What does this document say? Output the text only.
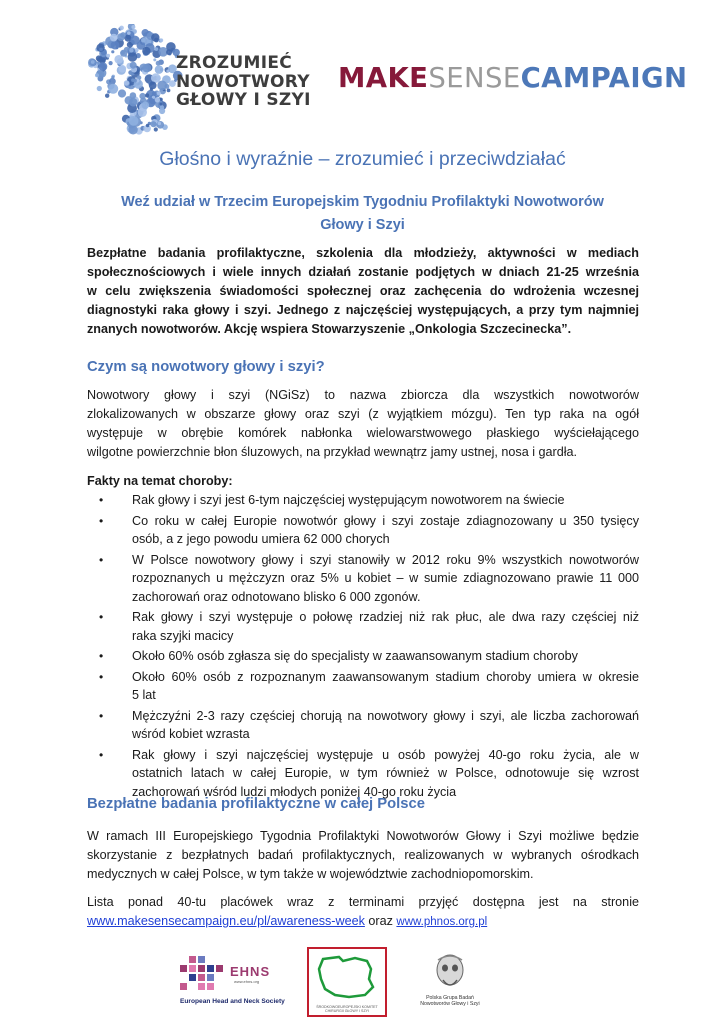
ZROZUMIEĆ
NOWOTWORY
GŁOWY I SZYI
MAKESENSECAMPAIGN
Głośno i wyraźnie – zrozumieć i przeciwdziałać
Weź udział w Trzecim Europejskim Tygodniu Profilaktyki Nowotworów
Głowy i Szyi
Bezpłatne badania profilaktyczne, szkolenia dla młodzieży, aktywności w mediach
społecznościowych i wiele innych działań zostanie podjętych w dniach 21-25 września
w celu zwiększenia świadomości społecznej oraz zachęcenia do wdrożenia wczesnej
diagnostyki raka głowy i szyi. Jednego z najczęściej występujących, a przy tym najmniej
znanych nowotworów. Akcję wspiera Stowarzyszenie „Onkologia Szczecinecka”.
Czym są nowotwory głowy i szyi?
Nowotwory głowy i szyi (NGiSz) to nazwa zbiorcza dla wszystkich nowotworów
zlokalizowanych w obszarze głowy oraz szyi (z wyjątkiem mózgu). Ten typ raka na ogół
występuje w obrębie komórek nabłonka wielowarstwowego płaskiego wyściełającego
wilgotne powierzchnie błon śluzowych, na przykład wewnątrz jamy ustnej, nosa i gardła.
Fakty na temat choroby:
• Rak głowy i szyi jest 6-tym najczęściej występującym nowotworem na świecie
• Co roku w całej Europie nowotwór głowy i szyi zostaje zdiagnozowany u 350 tysięcy
osób, a z jego powodu umiera 62 000 chorych
• W Polsce nowotwory głowy i szyi stanowiły w 2012 roku 9% wszystkich nowotworów
rozpoznanych u mężczyzn oraz 5% u kobiet – w sumie zdiagnozowano prawie 11 000
zachorowań oraz odnotowano blisko 6 000 zgonów.
• Rak głowy i szyi występuje o połowę rzadziej niż rak płuc, ale dwa razy częściej niż
raka szyjki macicy
• Około 60% osób zgłasza się do specjalisty w zaawansowanym stadium choroby
• Około 60% osób z rozpoznanym zaawansowanym stadium choroby umiera w okresie
5 lat
• Mężczyźni 2-3 razy częściej chorują na nowotwory głowy i szyi, ale liczba zachorowań
wśród kobiet wzrasta
• Rak głowy i szyi najczęściej występuje u osób powyżej 40-go roku życia, ale w
ostatnich latach w całej Europie, w tym również w Polsce, odnotowuje się wzrost
zachorowań wśród ludzi młodych poniżej 40-go roku życia
Bezpłatne badania profilaktyczne w całej Polsce
W ramach III Europejskiego Tygodnia Profilaktyki Nowotworów Głowy i Szyi możliwe będzie
skorzystanie z bezpłatnych badań profilaktycznych, realizowanych w wybranych ośrodkach
medycznych w całej Polsce, w tym także w województwie zachodniopomorskim.
Lista ponad 40-tu placówek wraz z terminami przyjęć dostępna jest na stronie
www.makesensecampaign.eu/pl/awareness-week oraz www.phnos.org.pl
EHNS
www.ehns.org
European Head and Neck Society
ŚRODKOWOEUROPEJSKI KOMITET CHIRURGII GŁOWY I SZYI
Polska Grupa Badań
Nowotworów Głowy i Szyi
